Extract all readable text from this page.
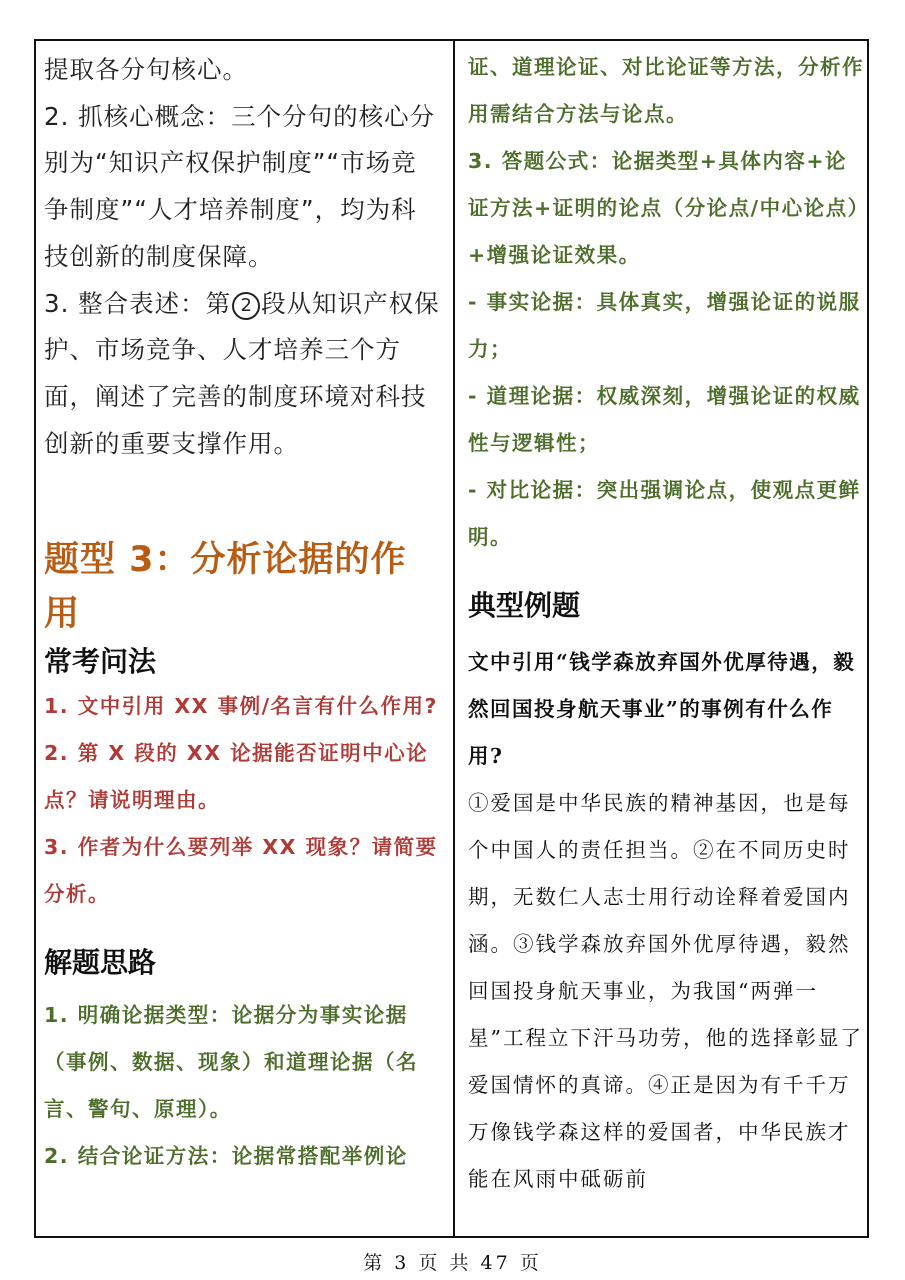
提取各分句核心。

2. 抓核心概念：三个分句的核心分别为“知识产权保护制度”“市场竞争制度”“人才培养制度”，均为科技创新的制度保障。

3. 整合表述：第 2 段从知识产权保护、市场竞争、人才培养三个方面，阐述了完善的制度环境对科技创新的重要支撑作用。

题型 3：分析论据的作用
常考问法

1. 文中引用 XX 事例/名言有什么作用?

2. 第 X 段的 XX 论据能否证明中心论点？请说明理由。

3. 作者为什么要列举 XX 现象？请简要分析。

解题思路

1. 明确论据类型：论据分为事实论据（事例、数据、现象）和道理论据（名言、警句、原理）。

2. 结合论证方法：论据常搭配举例论

证、道理论证、对比论证等方法，分析作用需结合方法与论点。

3. 答题公式：论据类型+具体内容+论证方法+证明的论点（分论点/中心论点）+增强论证效果。

- 事实论据：具体真实，增强论证的说服力；

- 道理论据：权威深刻，增强论证的权威性与逻辑性；

- 对比论据：突出强调论点，使观点更鲜明。

典型例题

文中引用“钱学森放弃国外优厚待遇，毅然回国投身航天事业”的事例有什么作用?

①爱国是中华民族的精神基因，也是每个中国人的责任担当。②在不同历史时期，无数仁人志士用行动诠释着爱国内涵。③钱学森放弃国外优厚待遇，毅然回国投身航天事业，为我国“两弹一星”工程立下汗马功劳，他的选择彰显了爱国情怀的真谛。④正是因为有千千万万像钱学森这样的爱国者，中华民族才能在风雨中砥砺前

第 3 页 共 47 页
